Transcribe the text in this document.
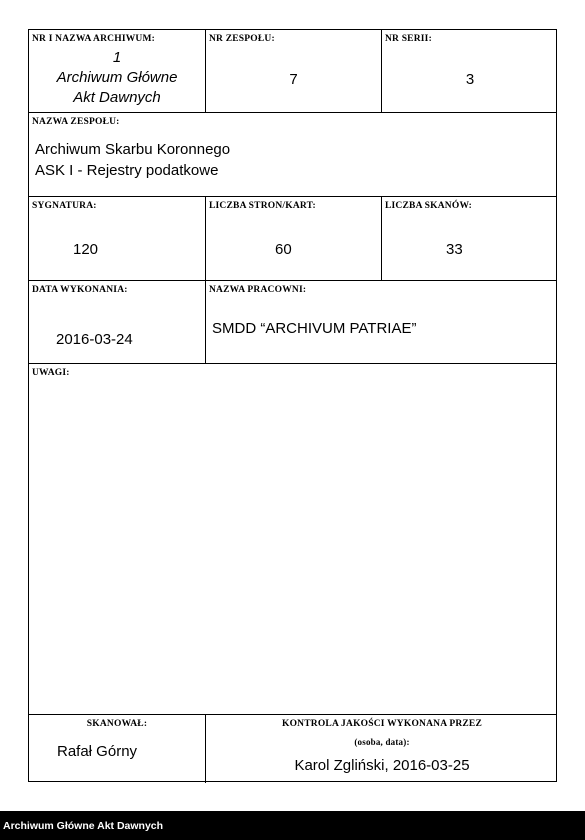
NR I NAZWA ARCHIWUM:
1
Archiwum Główne
Akt Dawnych
NR ZESPOŁU:
7
NR SERII:
3
NAZWA ZESPOŁU:
Archiwum Skarbu Koronnego
ASK I - Rejestry podatkowe
SYGNATURA:
120
LICZBA STRON/KART:
60
LICZBA SKANÓW:
33
DATA WYKONANIA:
2016-03-24
NAZWA PRACOWNI:
SMDD “ARCHIVUM PATRIAE”
UWAGI:
SKANOWAŁ:
Rafał Górny
KONTROLA JAKOŚCI WYKONANA PRZEZ
(osoba, data):
Karol Zgliński, 2016-03-25
Archiwum Główne Akt Dawnych
